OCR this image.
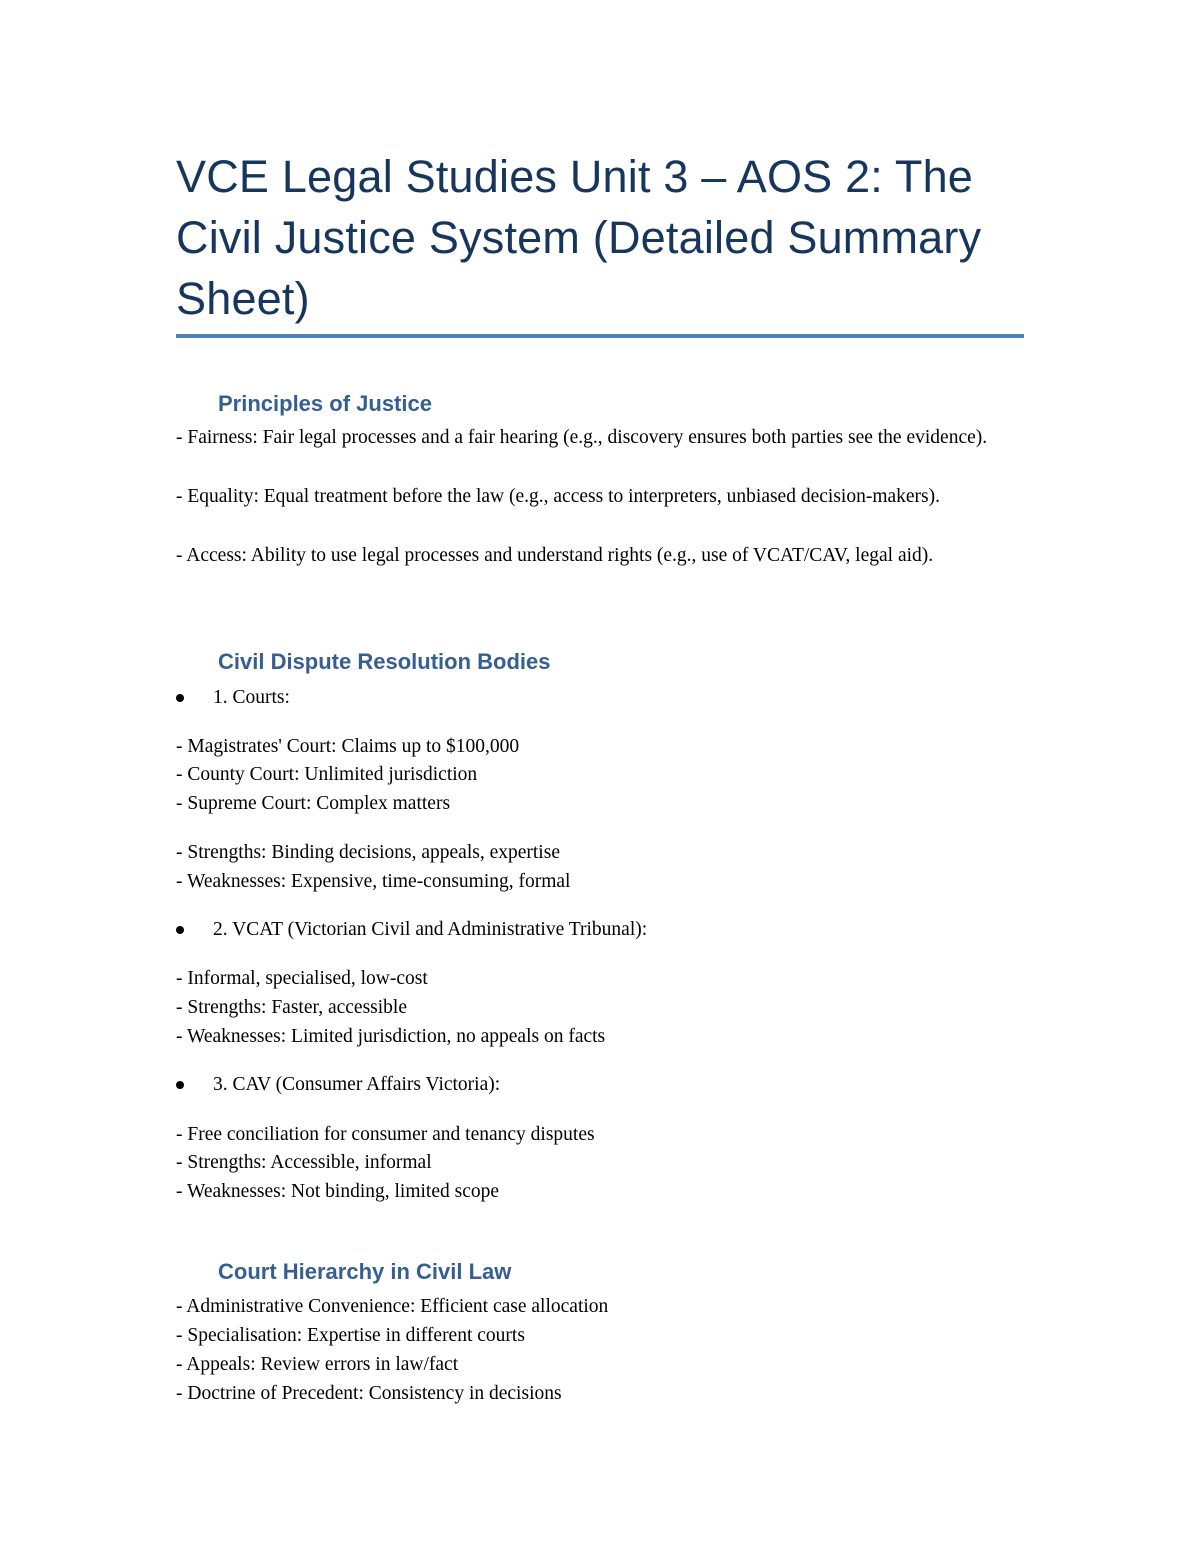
VCE Legal Studies Unit 3 – AOS 2: The Civil Justice System (Detailed Summary Sheet)
Principles of Justice

- Fairness: Fair legal processes and a fair hearing (e.g., discovery ensures both parties see the evidence).

- Equality: Equal treatment before the law (e.g., access to interpreters, unbiased decision-makers).

- Access: Ability to use legal processes and understand rights (e.g., use of VCAT/CAV, legal aid).

Civil Dispute Resolution Bodies
1. Courts:

- Magistrates' Court: Claims up to $100,000

- County Court: Unlimited jurisdiction

- Supreme Court: Complex matters

- Strengths: Binding decisions, appeals, expertise

- Weaknesses: Expensive, time-consuming, formal

2. VCAT (Victorian Civil and Administrative Tribunal):

- Informal, specialised, low-cost

- Strengths: Faster, accessible

- Weaknesses: Limited jurisdiction, no appeals on facts

3. CAV (Consumer Affairs Victoria):

- Free conciliation for consumer and tenancy disputes

- Strengths: Accessible, informal

- Weaknesses: Not binding, limited scope

Court Hierarchy in Civil Law

- Administrative Convenience: Efficient case allocation

- Specialisation: Expertise in different courts

- Appeals: Review errors in law/fact

- Doctrine of Precedent: Consistency in decisions
